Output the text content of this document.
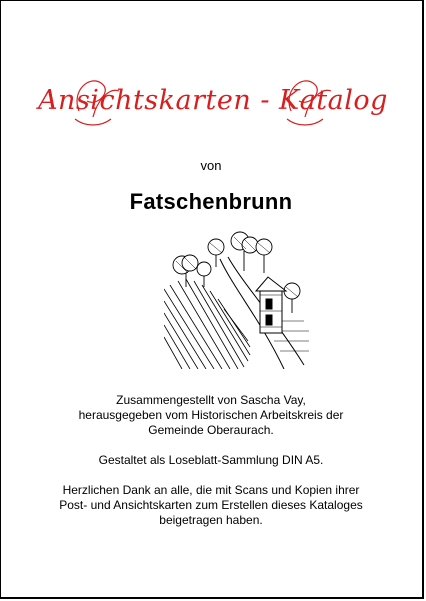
Ansichtskarten - Katalog
von
Fatschenbrunn
Zusammengestellt von Sascha Vay,
herausgegeben vom Historischen Arbeitskreis der
Gemeinde Oberaurach.
Gestaltet als Loseblatt-Sammlung DIN A5.
Herzlichen Dank an alle, die mit Scans und Kopien ihrer
Post- und Ansichtskarten zum Erstellen dieses Kataloges
beigetragen haben.
